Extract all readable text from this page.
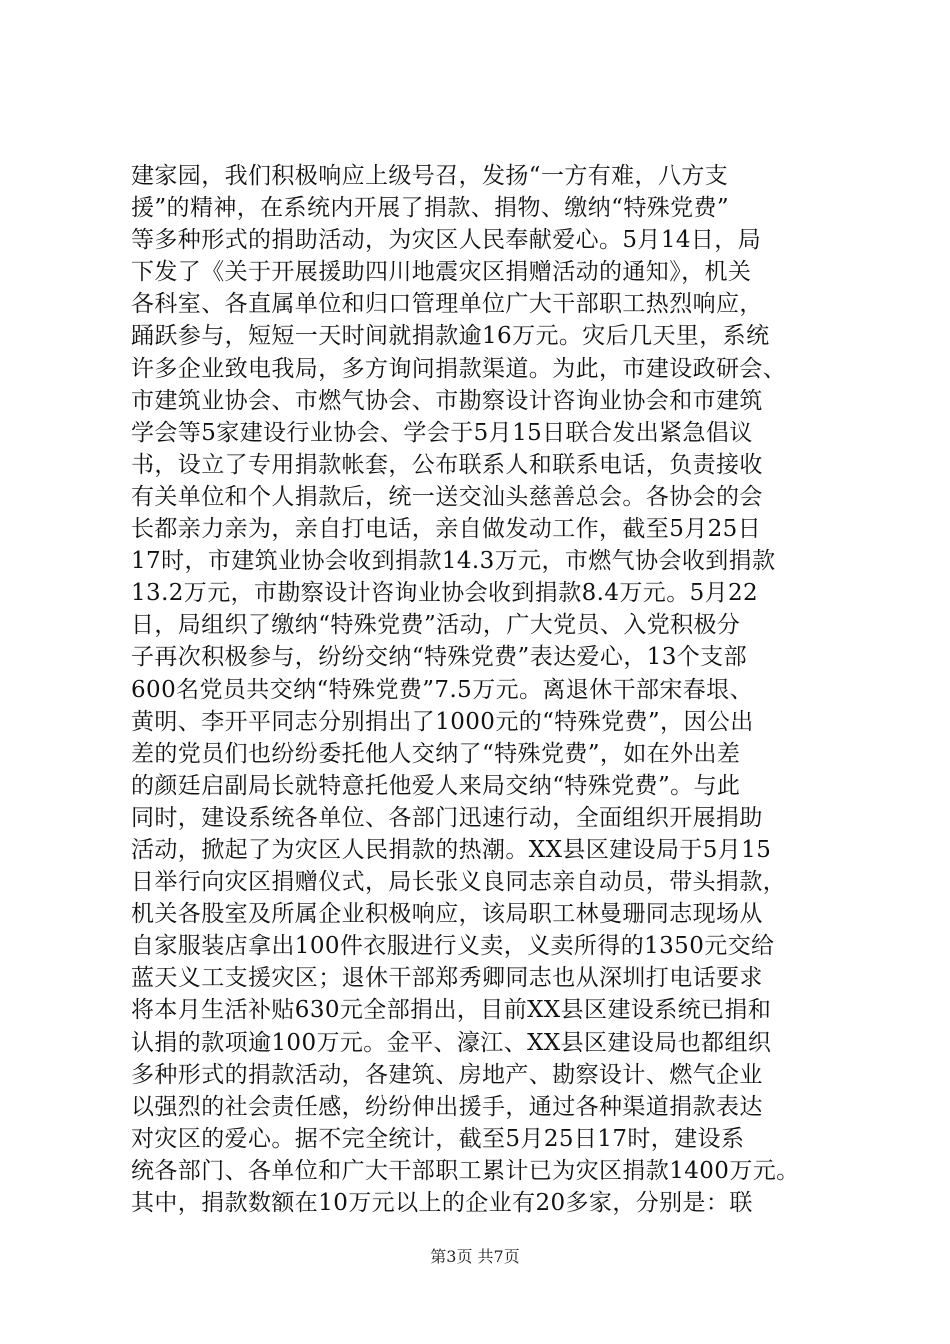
建家园，我们积极响应上级号召，发扬“一方有难，八方支
援”的精神，在系统内开展了捐款、捐物、缴纳“特殊党费”
等多种形式的捐助活动，为灾区人民奉献爱心。5月14日，局
下发了《关于开展援助四川地震灾区捐赠活动的通知》，机关
各科室、各直属单位和归口管理单位广大干部职工热烈响应，
踊跃参与，短短一天时间就捐款逾16万元。灾后几天里，系统
许多企业致电我局，多方询问捐款渠道。为此，市建设政研会、
市建筑业协会、市燃气协会、市勘察设计咨询业协会和市建筑
学会等5家建设行业协会、学会于5月15日联合发出紧急倡议
书，设立了专用捐款帐套，公布联系人和联系电话，负责接收
有关单位和个人捐款后，统一送交汕头慈善总会。各协会的会
长都亲力亲为，亲自打电话，亲自做发动工作，截至5月25日
17时，市建筑业协会收到捐款14.3万元，市燃气协会收到捐款
13.2万元，市勘察设计咨询业协会收到捐款8.4万元。5月22
日，局组织了缴纳“特殊党费”活动，广大党员、入党积极分
子再次积极参与，纷纷交纳“特殊党费”表达爱心，13个支部
600名党员共交纳“特殊党费”7.5万元。离退休干部宋春垠、
黄明、李开平同志分别捐出了1000元的“特殊党费”，因公出
差的党员们也纷纷委托他人交纳了“特殊党费”，如在外出差
的颜廷启副局长就特意托他爱人来局交纳“特殊党费”。与此
同时，建设系统各单位、各部门迅速行动，全面组织开展捐助
活动，掀起了为灾区人民捐款的热潮。XX县区建设局于5月15
日举行向灾区捐赠仪式，局长张义良同志亲自动员，带头捐款，
机关各股室及所属企业积极响应，该局职工林曼珊同志现场从
自家服装店拿出100件衣服进行义卖，义卖所得的1350元交给
蓝天义工支援灾区；退休干部郑秀卿同志也从深圳打电话要求
将本月生活补贴630元全部捐出，目前XX县区建设系统已捐和
认捐的款项逾100万元。金平、濠江、XX县区建设局也都组织
多种形式的捐款活动，各建筑、房地产、勘察设计、燃气企业
以强烈的社会责任感，纷纷伸出援手，通过各种渠道捐款表达
对灾区的爱心。据不完全统计，截至5月25日17时，建设系
统各部门、各单位和广大干部职工累计已为灾区捐款1400万元。
其中，捐款数额在10万元以上的企业有20多家，分别是：联
第3页 共7页
